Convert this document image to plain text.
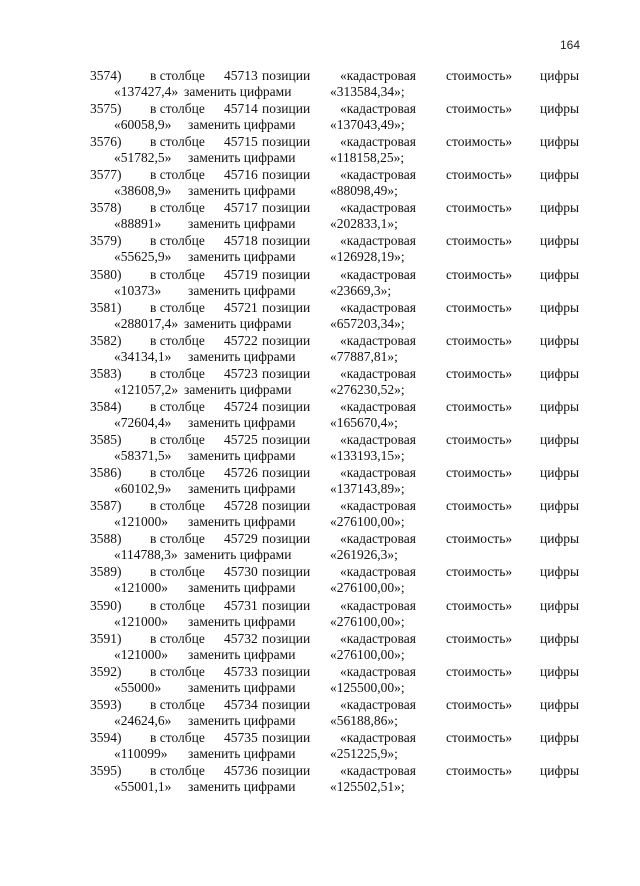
164
3574) в столбце 45713 позиции «кадастровая стоимость» цифры
«137427,4» заменить цифрами	«313584,34»;
3575) в столбце 45714 позиции «кадастровая стоимость» цифры
«60058,9» заменить цифрами	«137043,49»;
3576) в столбце 45715 позиции «кадастровая стоимость» цифры
«51782,5» заменить цифрами	«118158,25»;
3577) в столбце 45716 позиции «кадастровая стоимость» цифры
«38608,9» заменить цифрами	«88098,49»;
3578) в столбце 45717 позиции «кадастровая стоимость» цифры
«88891» заменить цифрами	«202833,1»;
3579) в столбце 45718 позиции «кадастровая стоимость» цифры
«55625,9» заменить цифрами	«126928,19»;
3580) в столбце 45719 позиции «кадастровая стоимость» цифры
«10373» заменить цифрами	«23669,3»;
3581) в столбце 45721 позиции «кадастровая стоимость» цифры
«288017,4» заменить цифрами	«657203,34»;
3582) в столбце 45722 позиции «кадастровая стоимость» цифры
«34134,1» заменить цифрами	«77887,81»;
3583) в столбце 45723 позиции «кадастровая стоимость» цифры
«121057,2» заменить цифрами	«276230,52»;
3584) в столбце 45724 позиции «кадастровая стоимость» цифры
«72604,4» заменить цифрами	«165670,4»;
3585) в столбце 45725 позиции «кадастровая стоимость» цифры
«58371,5» заменить цифрами	«133193,15»;
3586) в столбце 45726 позиции «кадастровая стоимость» цифры
«60102,9» заменить цифрами	«137143,89»;
3587) в столбце 45728 позиции «кадастровая стоимость» цифры
«121000» заменить цифрами	«276100,00»;
3588) в столбце 45729 позиции «кадастровая стоимость» цифры
«114788,3» заменить цифрами	«261926,3»;
3589) в столбце 45730 позиции «кадастровая стоимость» цифры
«121000» заменить цифрами	«276100,00»;
3590) в столбце 45731 позиции «кадастровая стоимость» цифры
«121000» заменить цифрами	«276100,00»;
3591) в столбце 45732 позиции «кадастровая стоимость» цифры
«121000» заменить цифрами	«276100,00»;
3592) в столбце 45733 позиции «кадастровая стоимость» цифры
«55000» заменить цифрами	«125500,00»;
3593) в столбце 45734 позиции «кадастровая стоимость» цифры
«24624,6» заменить цифрами	«56188,86»;
3594) в столбце 45735 позиции «кадастровая стоимость» цифры
«110099» заменить цифрами	«251225,9»;
3595) в столбце 45736 позиции «кадастровая стоимость» цифры
«55001,1» заменить цифрами	«125502,51»;
